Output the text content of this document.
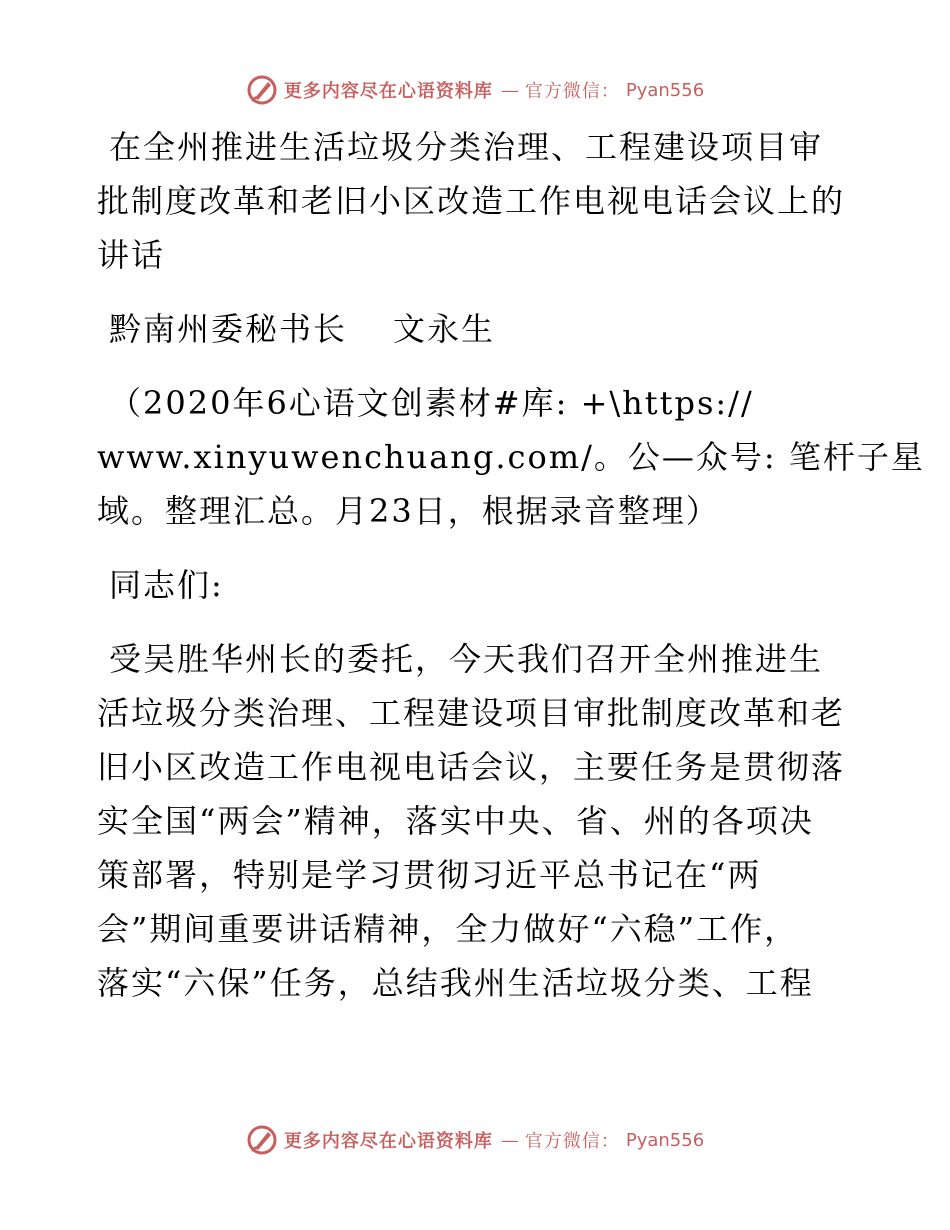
更多内容尽在心语资料库 — 官方微信： Pyan556
在全州推进生活垃圾分类治理、工程建设项目审
批制度改革和老旧小区改造工作电视电话会议上的
讲话
黔南州委秘书长 文永生
（2020年6心语文创素材#库: +\https://
www.xinyuwenchuang.com/。公—众号: 笔杆子星
域。整理汇总。月23日，根据录音整理）
同志们:
受吴胜华州长的委托，今天我们召开全州推进生
活垃圾分类治理、工程建设项目审批制度改革和老
旧小区改造工作电视电话会议，主要任务是贯彻落
实全国“两会”精神，落实中央、省、州的各项决
策部署，特别是学习贯彻习近平总书记在“两
会”期间重要讲话精神，全力做好“六稳”工作，
落实“六保”任务，总结我州生活垃圾分类、工程
更多内容尽在心语资料库 — 官方微信： Pyan556
